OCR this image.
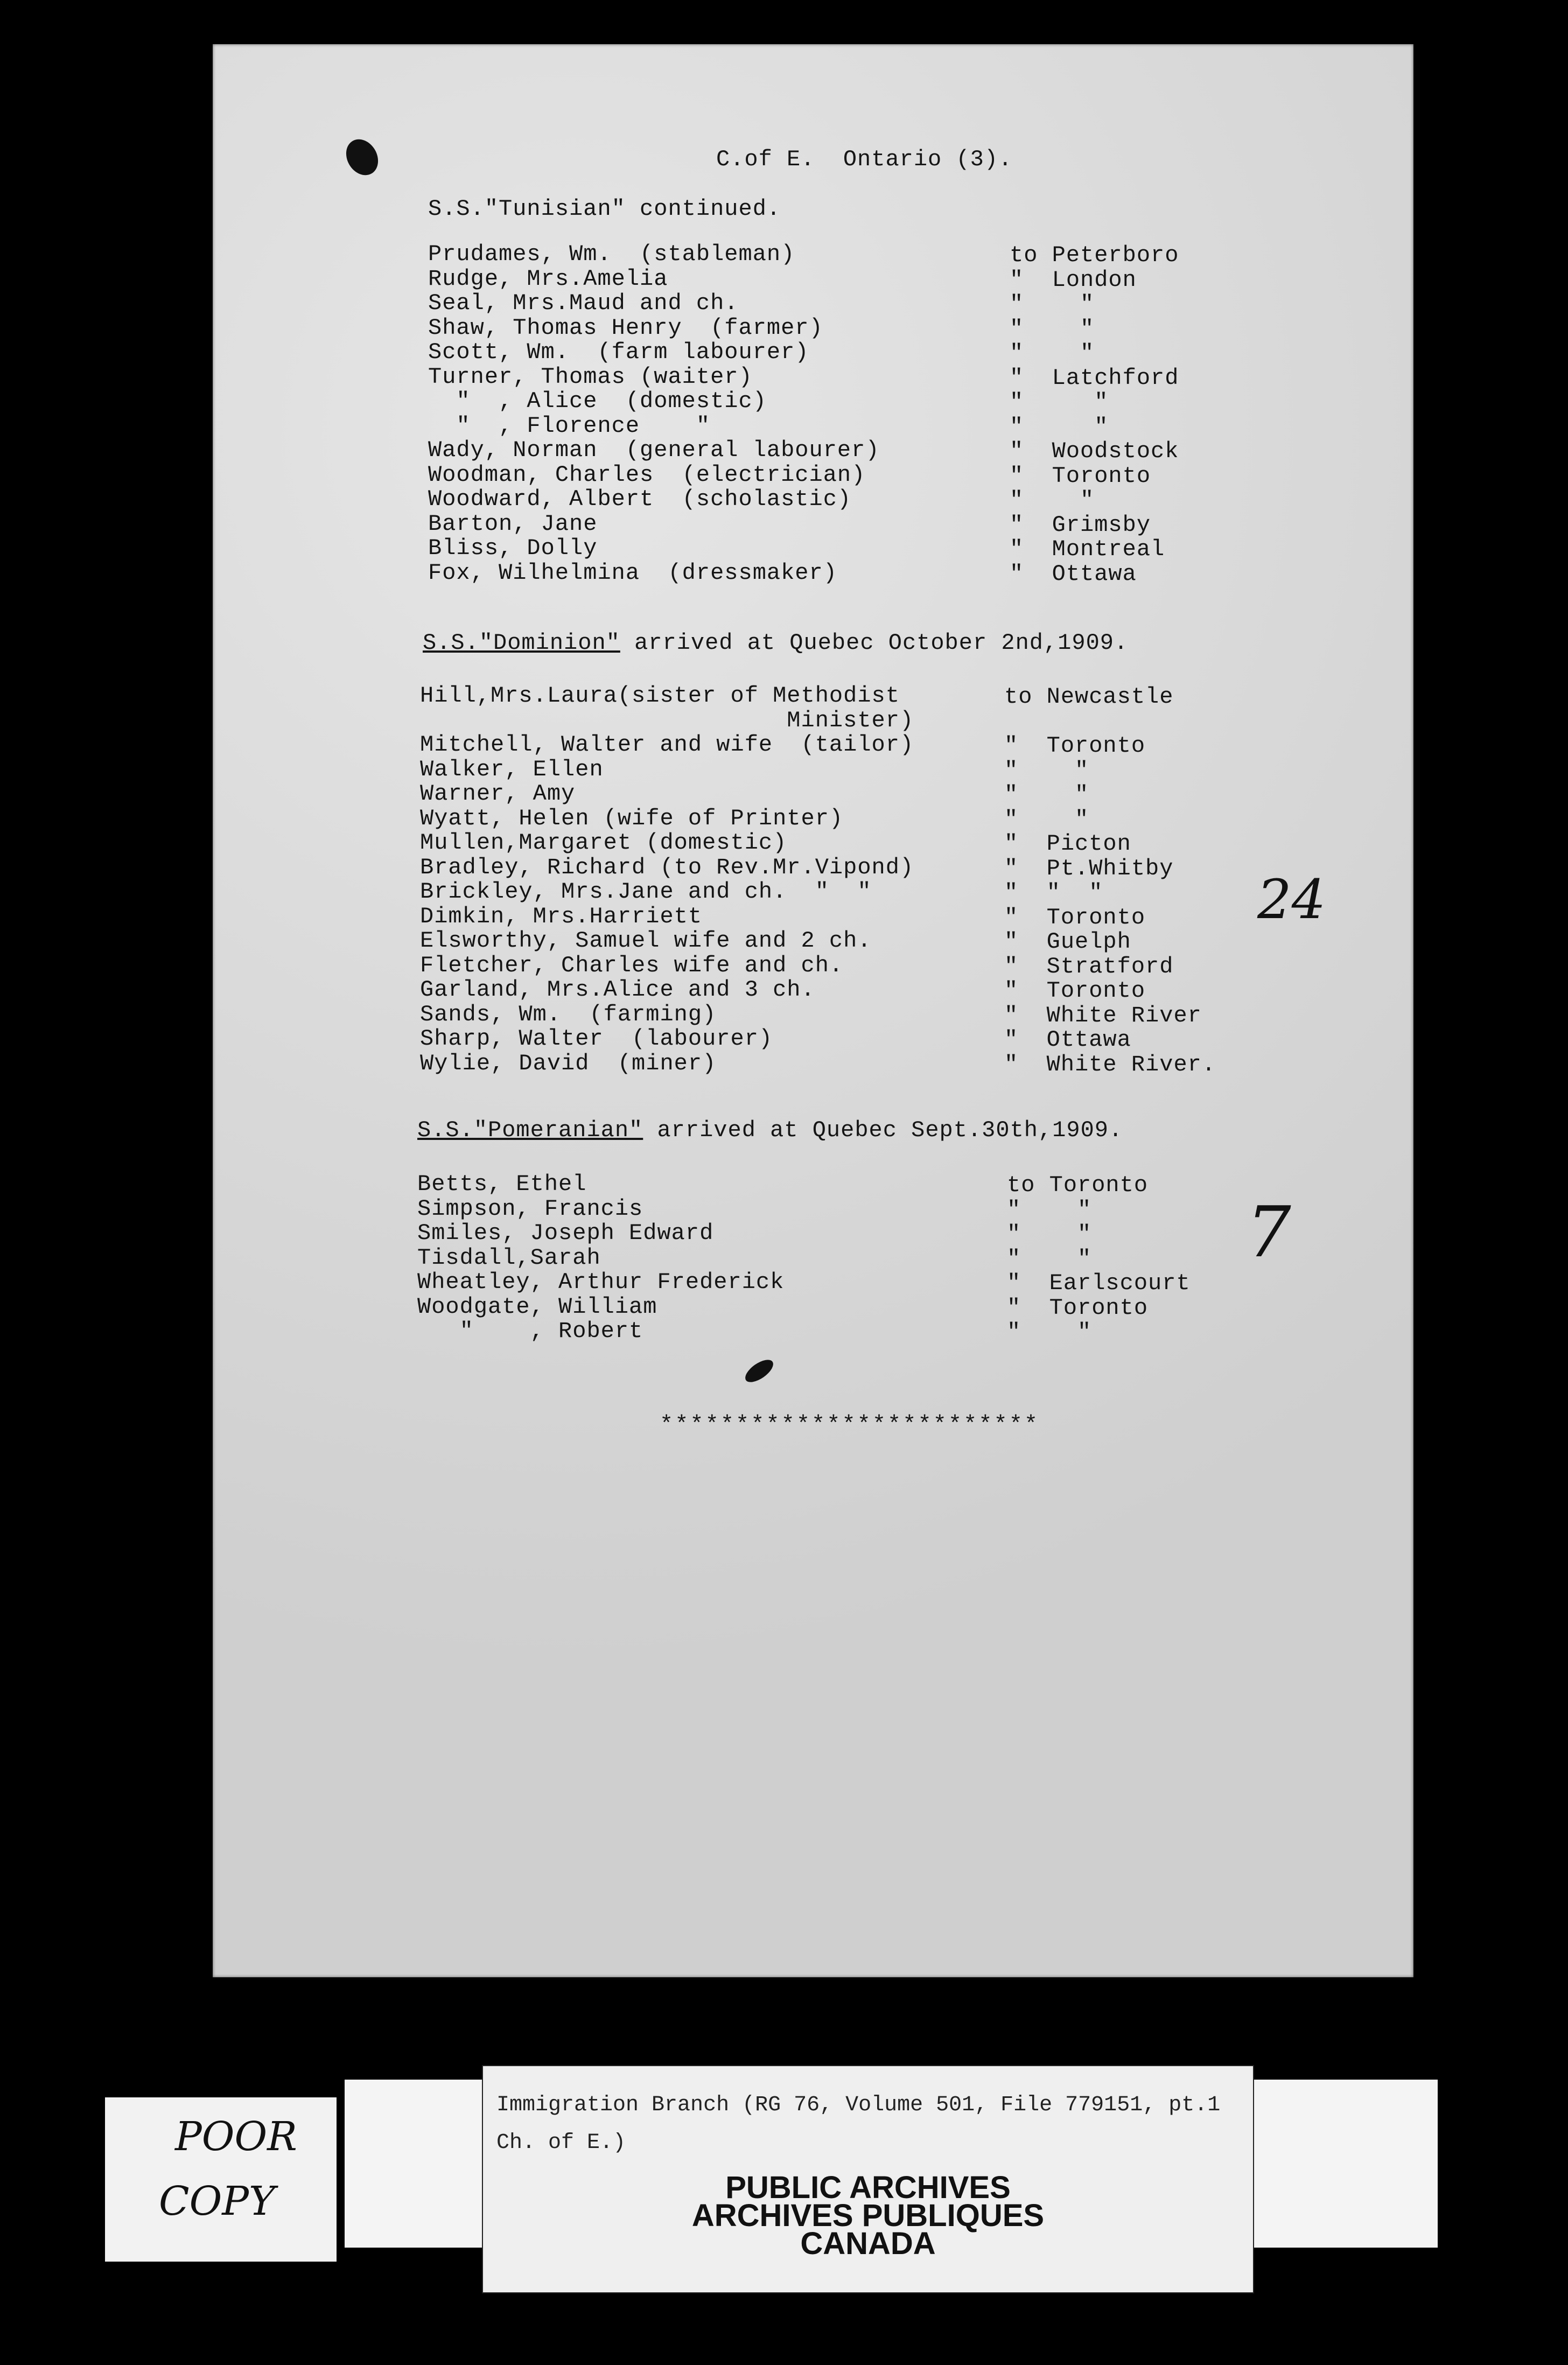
C.of E.  Ontario (3).
S.S."Tunisian" continued.
Prudames, Wm.  (stableman)	to Peterboro
Rudge, Mrs.Amelia	"  London
Seal, Mrs.Maud and ch.	"    "
Shaw, Thomas Henry  (farmer)	"    "
Scott, Wm.  (farm labourer)	"    "
Turner, Thomas (waiter)	"  Latchford
"  , Alice  (domestic)	"     "
"  , Florence    "	"     "
Wady, Norman  (general labourer)	"  Woodstock
Woodman, Charles  (electrician)	"  Toronto
Woodward, Albert  (scholastic)	"    "
Barton, Jane	"  Grimsby
Bliss, Dolly	"  Montreal
Fox, Wilhelmina  (dressmaker)	"  Ottawa
S.S."Dominion" arrived at Quebec October 2nd,1909.
Hill,Mrs.Laura(sister of Methodist	to Newcastle
Minister)
Mitchell, Walter and wife  (tailor)	"  Toronto
Walker, Ellen	"    "
Warner, Amy	"    "
Wyatt, Helen (wife of Printer)	"    "
Mullen,Margaret (domestic)	"  Picton
Bradley, Richard (to Rev.Mr.Vipond)	"  Pt.Whitby
Brickley, Mrs.Jane and ch.  "  "	"  "  "
Dimkin, Mrs.Harriett	"  Toronto
Elsworthy, Samuel wife and 2 ch.	"  Guelph
Fletcher, Charles wife and ch.	"  Stratford
Garland, Mrs.Alice and 3 ch.	"  Toronto
Sands, Wm.  (farming)	"  White River
Sharp, Walter  (labourer)	"  Ottawa
Wylie, David  (miner)	"  White River.
24
S.S."Pomeranian" arrived at Quebec Sept.30th,1909.
Betts, Ethel	to Toronto
Simpson, Francis	"    "
Smiles, Joseph Edward	"    "
Tisdall,Sarah	"    "
Wheatley, Arthur Frederick	"  Earlscourt
Woodgate, William	"  Toronto
"    , Robert	"    "
7
*************************
POOR
COPY
Immigration Branch (RG 76, Volume 501, File 779151, pt.1
Ch. of E.)
PUBLIC ARCHIVES
ARCHIVES PUBLIQUES
CANADA
